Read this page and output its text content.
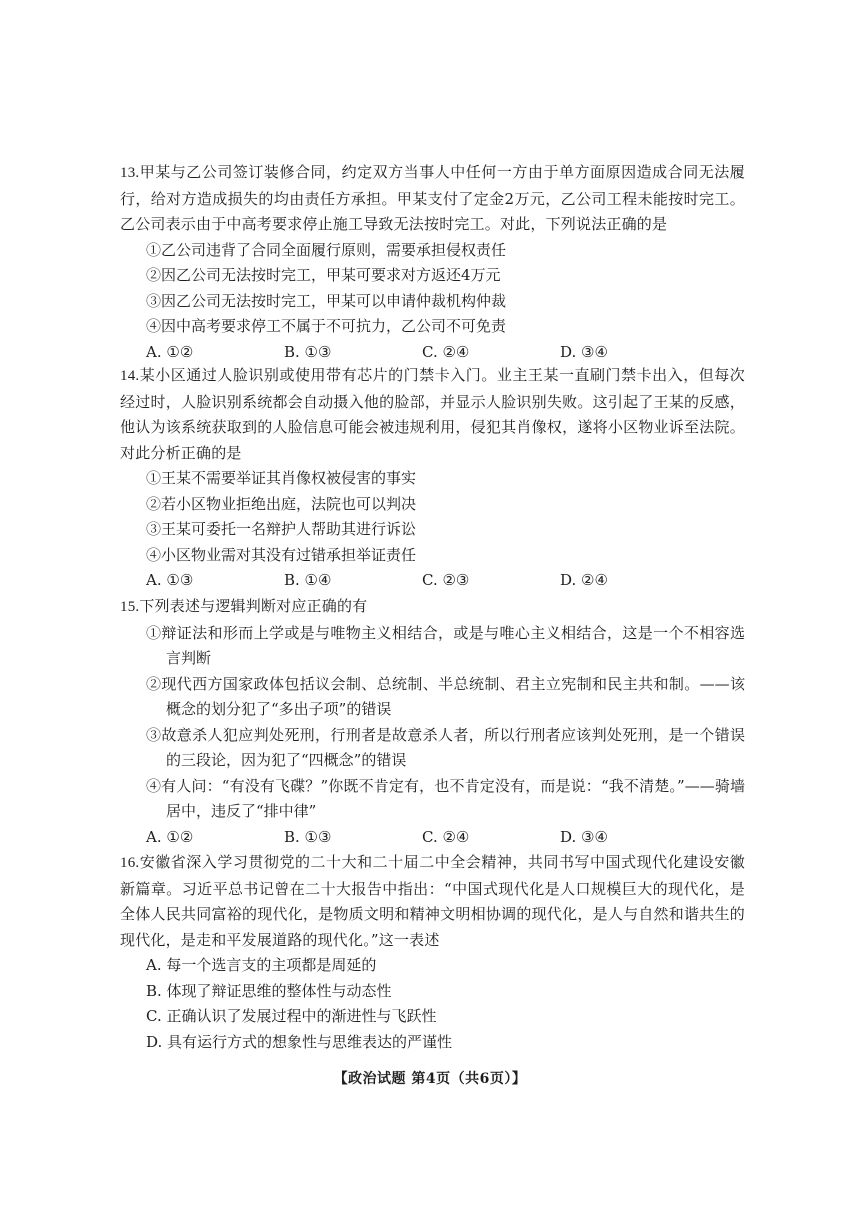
13.甲某与乙公司签订装修合同，约定双方当事人中任何一方由于单方面原因造成合同无法履行，给对方造成损失的均由责任方承担。甲某支付了定金2万元，乙公司工程未能按时完工。乙公司表示由于中高考要求停止施工导致无法按时完工。对此，下列说法正确的是

①乙公司违背了合同全面履行原则，需要承担侵权责任

②因乙公司无法按时完工，甲某可要求对方返还4万元

③因乙公司无法按时完工，甲某可以申请仲裁机构仲裁

④因中高考要求停工不属于不可抗力，乙公司不可免责

A. ①②	B. ①③	C. ②④	D. ③④

14.某小区通过人脸识别或使用带有芯片的门禁卡入门。业主王某一直刷门禁卡出入，但每次经过时，人脸识别系统都会自动摄入他的脸部，并显示人脸识别失败。这引起了王某的反感，他认为该系统获取到的人脸信息可能会被违规利用，侵犯其肖像权，遂将小区物业诉至法院。对此分析正确的是

①王某不需要举证其肖像权被侵害的事实

②若小区物业拒绝出庭，法院也可以判决

③王某可委托一名辩护人帮助其进行诉讼

④小区物业需对其没有过错承担举证责任

A. ①③	B. ①④	C. ②③	D. ②④

15.下列表述与逻辑判断对应正确的有

①辩证法和形而上学或是与唯物主义相结合，或是与唯心主义相结合，这是一个不相容选言判断

②现代西方国家政体包括议会制、总统制、半总统制、君主立宪制和民主共和制。——该概念的划分犯了“多出子项”的错误

③故意杀人犯应判处死刑，行刑者是故意杀人者，所以行刑者应该判处死刑，是一个错误的三段论，因为犯了“四概念”的错误

④有人问：“有没有飞碟？”你既不肯定有，也不肯定没有，而是说：“我不清楚。”——骑墙居中，违反了“排中律”

A. ①②	B. ①③	C. ②④	D. ③④

16.安徽省深入学习贯彻党的二十大和二十届二中全会精神，共同书写中国式现代化建设安徽新篇章。习近平总书记曾在二十大报告中指出：“中国式现代化是人口规模巨大的现代化，是全体人民共同富裕的现代化，是物质文明和精神文明相协调的现代化，是人与自然和谐共生的现代化，是走和平发展道路的现代化。”这一表述

A. 每一个选言支的主项都是周延的

B. 体现了辩证思维的整体性与动态性

C. 正确认识了发展过程中的渐进性与飞跃性

D. 具有运行方式的想象性与思维表达的严谨性

【政治试题 第4页（共6页）】
